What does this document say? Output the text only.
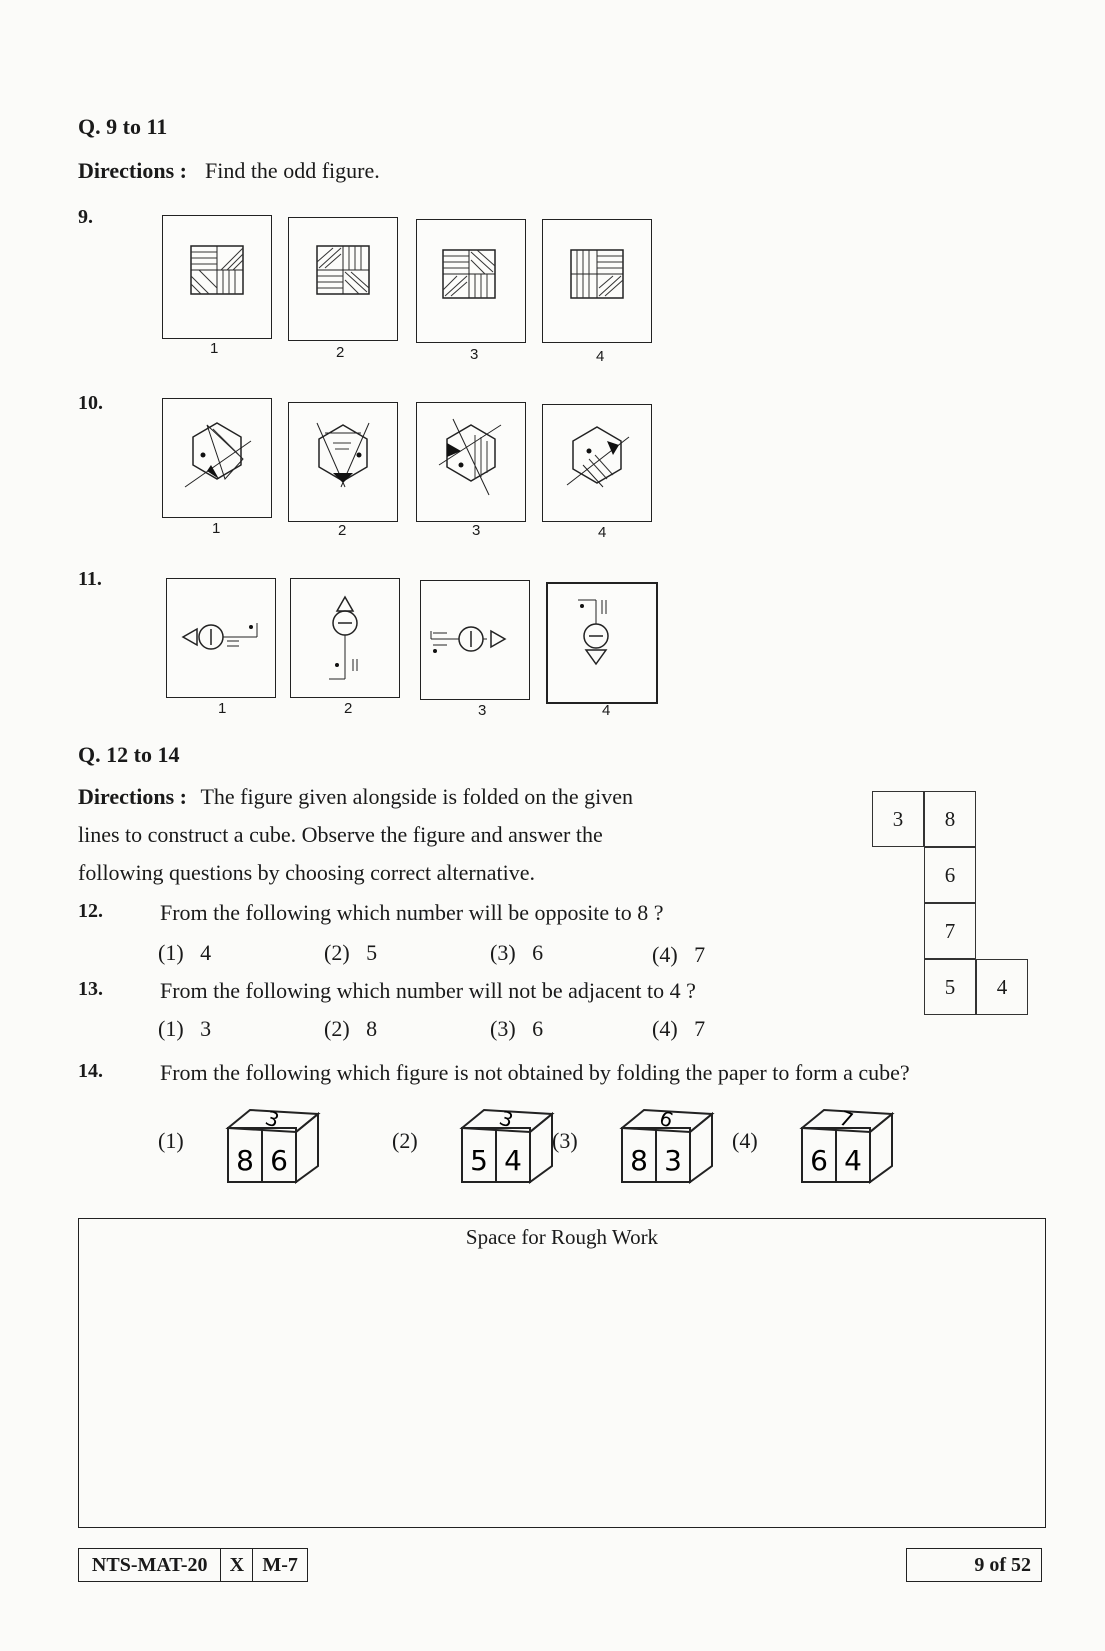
Q. 9 to 11
Directions : Find the odd figure.
9.
1	2	3	4
10.
1	2	3	4
11.
1	2	3	4
Q. 12 to 14
Directions : The figure given alongside is folded on the given
lines to construct a cube. Observe the figure and answer the
following questions by choosing correct alternative.
3	8
6
7
5	4
12.	From the following which number will be opposite to 8 ?
(1) 4	(2) 5	(3) 6	(4) 7
13.	From the following which number will not be adjacent to 4 ?
(1) 3	(2) 8	(3) 6	(4) 7
14.	From the following which figure is not obtained by folding the paper to form a cube?
(1)
3
8 6
(2)
3
5 4
(3)
6
8 3
(4)
7
6 4
Space for Rough Work
NTS-MAT-20	X M-7	9 of 52
